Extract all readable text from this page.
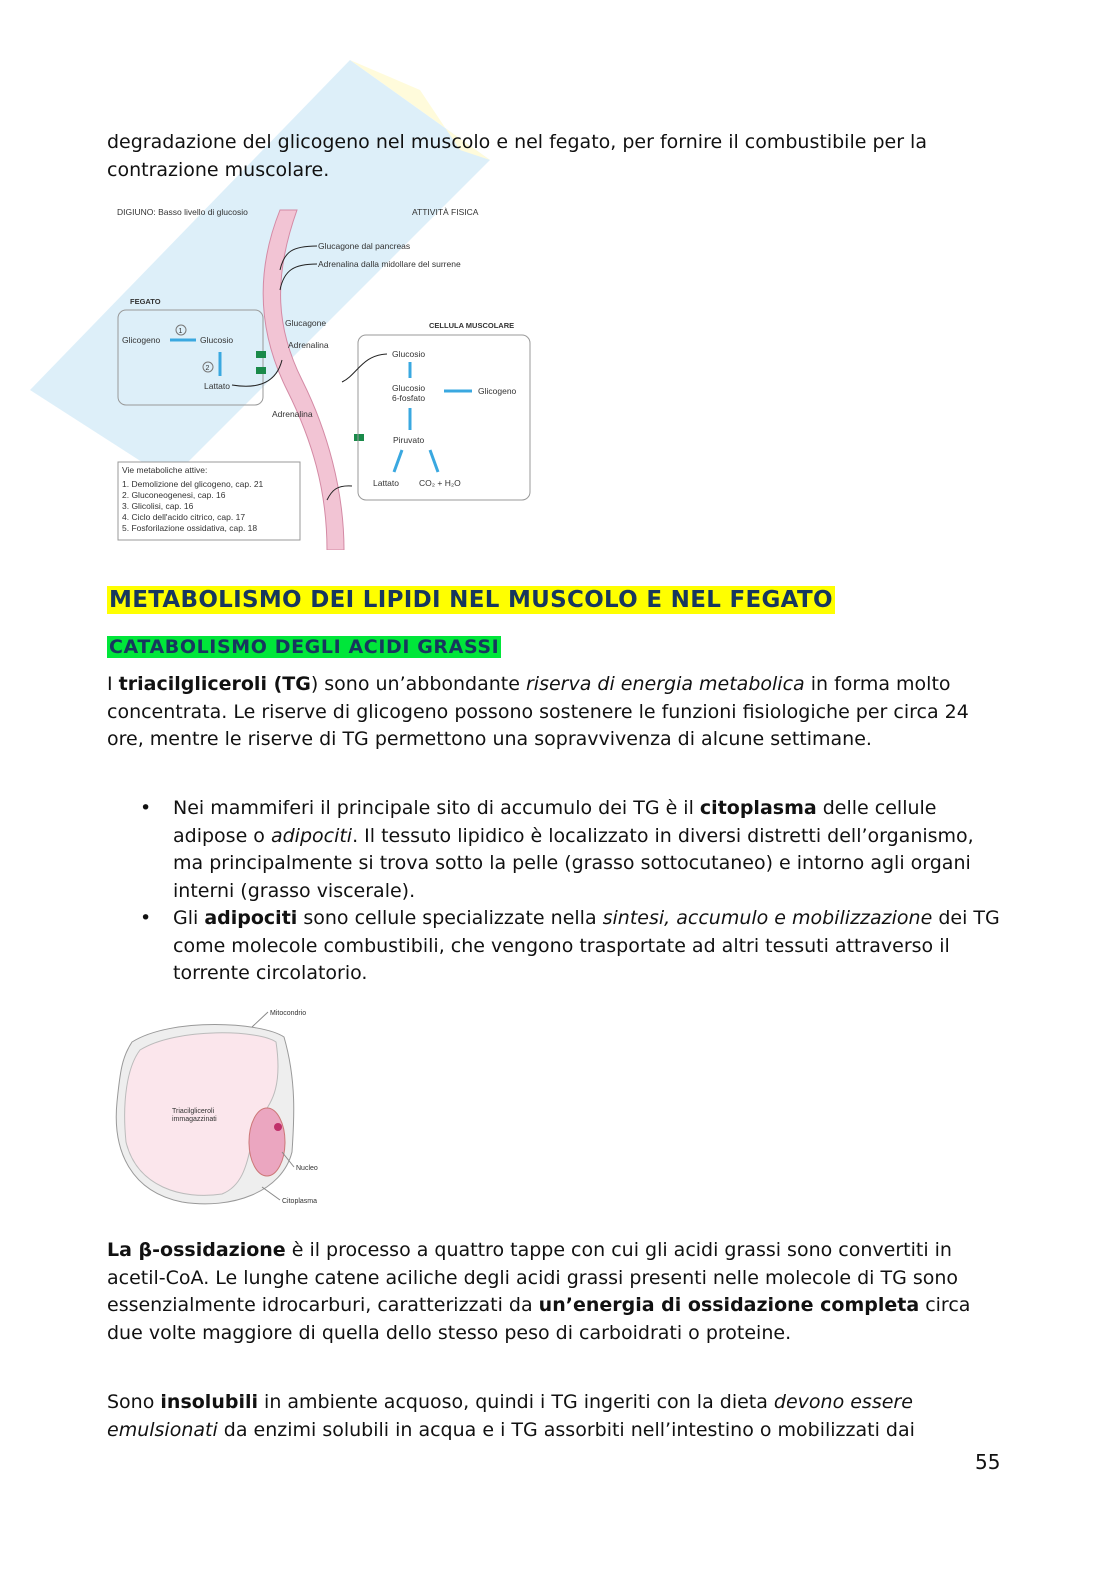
degradazione del glicogeno nel muscolo e nel fegato, per fornire il combustibile per la

contrazione muscolare.

DIGIUNO: Basso livello di glucosio	ATTIVITÀ FISICA
Glucagone dal pancreas
Adrenalina dalla midollare del surrene
FEGATO
Glicogeno	Glucosio
Lattato
1
2
Glucagone
Adrenalina
Adrenalina
CELLULA MUSCOLARE
Glucosio
Glucosio
6-fosfato
Glicogeno
Piruvato
Lattato CO₂ + H₂O
Vie metaboliche attive:
1. Demolizione del glicogeno, cap. 21
2. Gluconeogenesi, cap. 16
3. Glicolisi, cap. 16
4. Ciclo dell'acido citrico, cap. 17
5. Fosforilazione ossidativa, cap. 18
METABOLISMO DEI LIPIDI NEL MUSCOLO E NEL FEGATO
CATABOLISMO DEGLI ACIDI GRASSI

I triacilgliceroli (TG) sono un’abbondante riserva di energia metabolica in forma molto concentrata. Le riserve di glicogeno possono sostenere le funzioni fisiologiche per circa 24 ore, mentre le riserve di TG permettono una sopravvivenza di alcune settimane.

• Nei mammiferi il principale sito di accumulo dei TG è il citoplasma delle cellule adipose o adipociti. Il tessuto lipidico è localizzato in diversi distretti dell’organismo, ma principalmente si trova sotto la pelle (grasso sottocutaneo) e intorno agli organi interni (grasso viscerale).
• Gli adipociti sono cellule specializzate nella sintesi, accumulo e mobilizzazione dei TG come molecole combustibili, che vengono trasportate ad altri tessuti attraverso il torrente circolatorio.
Triacilgliceroli
immagazzinati
Mitocondrio
Nucleo
Citoplasma

La β-ossidazione è il processo a quattro tappe con cui gli acidi grassi sono convertiti in acetil-CoA. Le lunghe catene aciliche degli acidi grassi presenti nelle molecole di TG sono essenzialmente idrocarburi, caratterizzati da un’energia di ossidazione completa circa due volte maggiore di quella dello stesso peso di carboidrati o proteine.

Sono insolubili in ambiente acquoso, quindi i TG ingeriti con la dieta devono essere emulsionati da enzimi solubili in acqua e i TG assorbiti nell’intestino o mobilizzati dai

55
